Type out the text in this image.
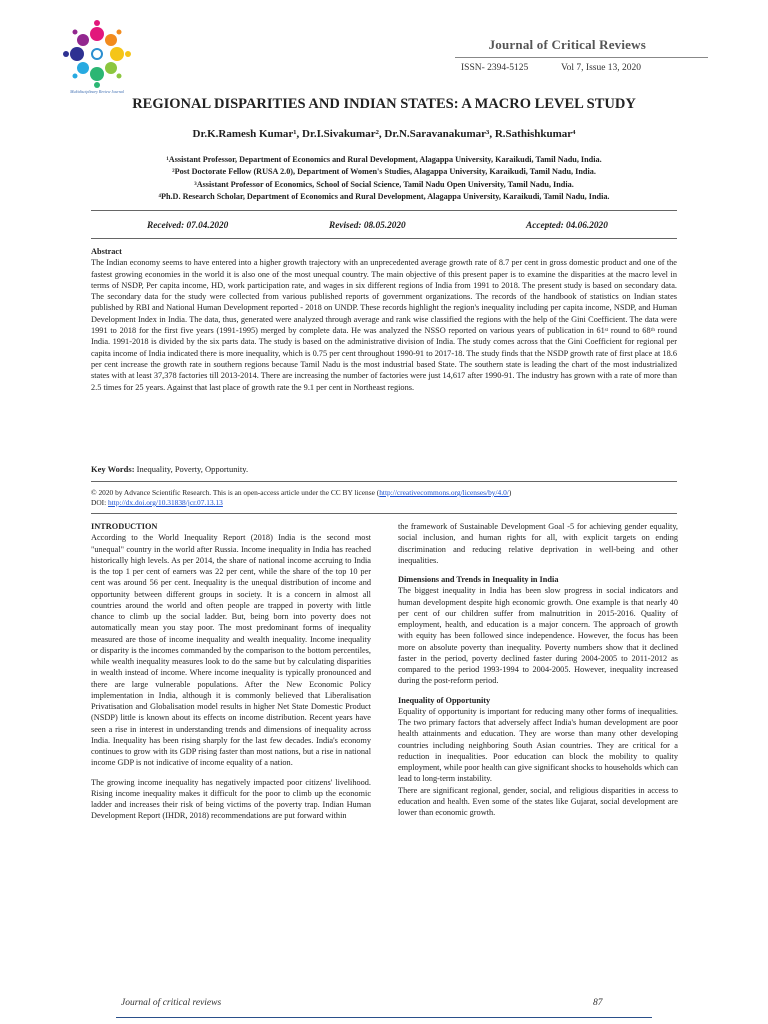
Multidisciplinary Review Journal
Journal of Critical Reviews
ISSN- 2394-5125	Vol 7, Issue 13, 2020
REGIONAL DISPARITIES AND INDIAN STATES: A MACRO LEVEL STUDY
Dr.K.Ramesh Kumar¹, Dr.I.Sivakumar², Dr.N.Saravanakumar³, R.Sathishkumar⁴
¹Assistant Professor, Department of Economics and Rural Development, Alagappa University, Karaikudi, Tamil Nadu, India.
²Post Doctorate Fellow (RUSA 2.0), Department of Women's Studies, Alagappa University, Karaikudi, Tamil Nadu, India.
³Assistant Professor of Economics, School of Social Science, Tamil Nadu Open University, Tamil Nadu, India.
⁴Ph.D. Research Scholar, Department of Economics and Rural Development, Alagappa University, Karaikudi, Tamil Nadu, India.
Received: 07.04.2020	Revised: 08.05.2020	Accepted: 04.06.2020
Abstract
The Indian economy seems to have entered into a higher growth trajectory with an unprecedented average growth rate of 8.7 per cent in gross domestic product and one of the fastest growing economies in the world it is also one of the most unequal country. The main objective of this present paper is to examine the disparities at the macro level in terms of NSDP, Per capita income, HD, work participation rate, and wages in six different regions of India from 1991 to 2018. The present study is based on secondary data. The secondary data for the study were collected from various published reports of government organizations. The records of the handbook of statistics on Indian states published by RBI and National Human Development reported - 2018 on UNDP. These records highlight the region's inequality including per capita income, NSDP, and Human Development Index in India. The data, thus, generated were analyzed through average and rank wise classified the regions with the help of the Gini Coefficient. The data were 1991 to 2018 for the first five years (1991-1995) merged by complete data. He was analyzed the NSSO reported on various years of publication in 61ˢᵗ round to 68ᵗʰ round India. 1991-2018 is divided by the six parts data. The study is based on the administrative division of India. The study comes across that the Gini Coefficient for regional per capita income of India indicated there is more inequality, which is 0.75 per cent throughout 1990-91 to 2017-18. The study finds that the NSDP growth rate of first place at 18.6 per cent increase the growth rate in southern regions because Tamil Nadu is the most industrial based State. The southern state is leading the chart of the most industrialized states with at least 37,378 factories till 2013-2014. There are increasing the number of factories were just 14,617 after 1990-91. The industry has grown with a rate of more than 2.5 times for 25 years. Against that last place of growth rate the 9.1 per cent in Northeast regions.
Key Words: Inequality, Poverty, Opportunity.
© 2020 by Advance Scientific Research. This is an open-access article under the CC BY license (http://creativecommons.org/licenses/by/4.0/)
DOI: http://dx.doi.org/10.31838/jcr.07.13.13

INTRODUCTION

According to the World Inequality Report (2018) India is the second most "unequal" country in the world after Russia. Income inequality in India has reached historically high levels. As per 2014, the share of national income accruing to India is the top 1 per cent of earners was 22 per cent, while the share of the top 10 per cent was around 56 per cent. Inequality is the unequal distribution of income and opportunity between different groups in society. It is a concern in almost all countries around the world and often people are trapped in poverty with little chance to climb up the social ladder. But, being born into poverty does not automatically mean you stay poor. The most predominant forms of inequality measured are those of income inequality and wealth inequality. Income inequality or disparity is the incomes commanded by the comparison to the bottom percentiles, while wealth inequality measures look to do the same but by calculating disparities in wealth instead of income. Where income inequality is typically pronounced and there are large vulnerable populations. After the New Economic Policy implementation in India, although it is commonly believed that Liberalisation Privatisation and Globalisation model results in higher Net State Domestic Product (NSDP) little is known about its effects on income distribution. Recent years have seen a rise in interest in understanding trends and dimensions of inequality across India. Inequality has been rising sharply for the last few decades. India's economy continues to grow with its GDP rising faster than most nations, but a rise in national income GDP is not indicative of income equality of a nation.

The growing income inequality has negatively impacted poor citizens' livelihood. Rising income inequality makes it difficult for the poor to climb up the economic ladder and increases their risk of being victims of the poverty trap. Indian Human Development Report (IHDR, 2018) recommendations are put forward within

the framework of Sustainable Development Goal -5 for achieving gender equality, social inclusion, and human rights for all, with explicit targets on ending discrimination and reducing relative deprivation in well-being and other inequalities.

Dimensions and Trends in Inequality in India

The biggest inequality in India has been slow progress in social indicators and human development despite high economic growth. One example is that nearly 40 per cent of our children suffer from malnutrition in 2015-2016. Quality of employment, health, and education is a major concern. The approach of growth with equity has been followed since independence. However, the focus has been more on absolute poverty than inequality. Poverty numbers show that it declined faster in the period, poverty declined faster during 2004-2005 to 2011-2012 as compared to the period 1993-1994 to 2004-2005. However, inequality increased during the post-reform period.

Inequality of Opportunity

Equality of opportunity is important for reducing many other forms of inequalities. The two primary factors that adversely affect India's human development are poor health attainments and education. They are worse than many other developing countries including neighboring South Asian countries. They are critical for a reduction in inequalities. Poor education can block the mobility to quality employment, while poor health can give significant shocks to households which can lead to long-term instability.

There are significant regional, gender, social, and religious disparities in access to education and health. Even some of the states like Gujarat, social development are lower than economic growth.

Journal of critical reviews	87
